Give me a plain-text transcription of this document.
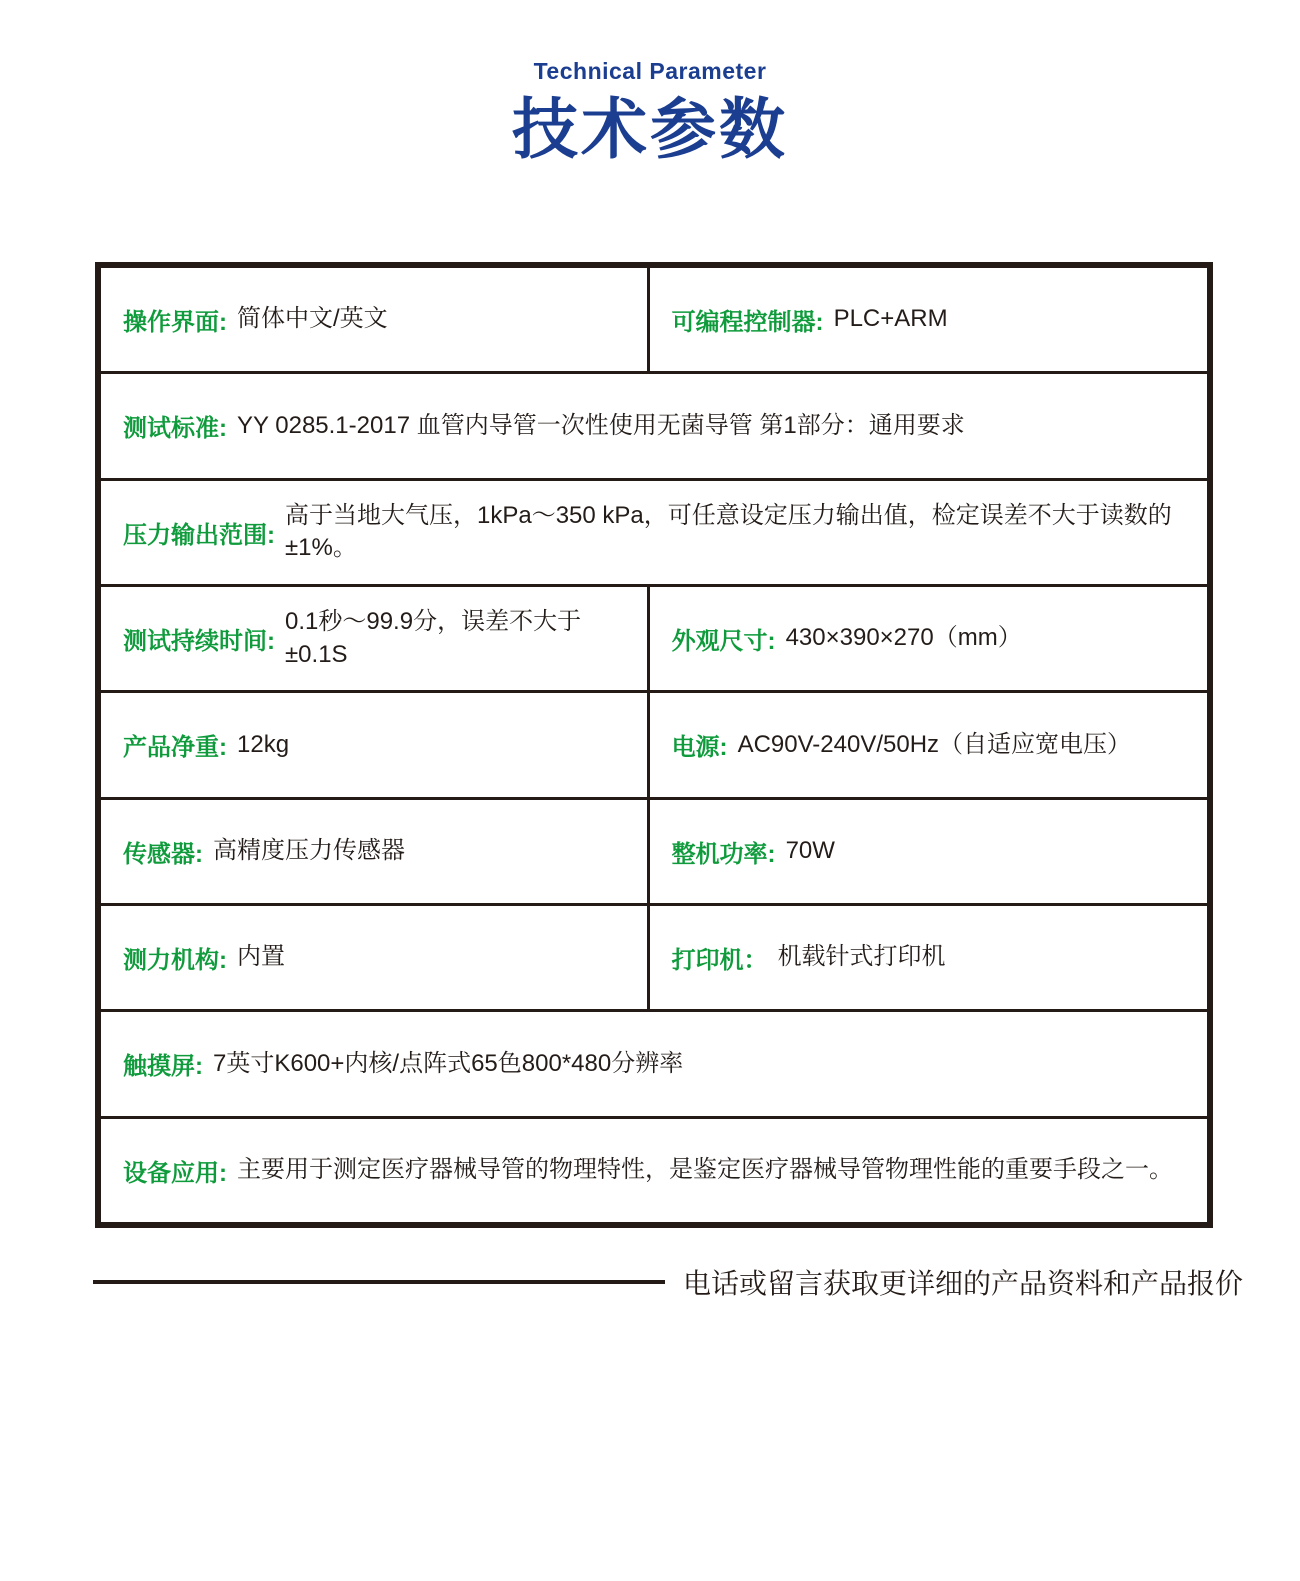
Technical Parameter
技术参数
操作界面: 简体中文/英文	可编程控制器: PLC+ARM
测试标准: YY 0285.1-2017 血管内导管一次性使用无菌导管 第1部分：通用要求
压力输出范围:
高于当地大气压，1kPa～350 kPa，可任意设定压力输出值，检定误差不大于读数的±1%。
测试持续时间:
0.1秒～99.9分，误差不大于±0.1S	外观尺寸: 430×390×270（mm）
产品净重: 12kg	电源: AC90V-240V/50Hz（自适应宽电压）
传感器: 高精度压力传感器	整机功率: 70W
测力机构: 内置	打印机： 机载针式打印机
触摸屏: 7英寸K600+内核/点阵式65色800*480分辨率
设备应用: 主要用于测定医疗器械导管的物理特性，是鉴定医疗器械导管物理性能的重要手段之一。
电话或留言获取更详细的产品资料和产品报价
